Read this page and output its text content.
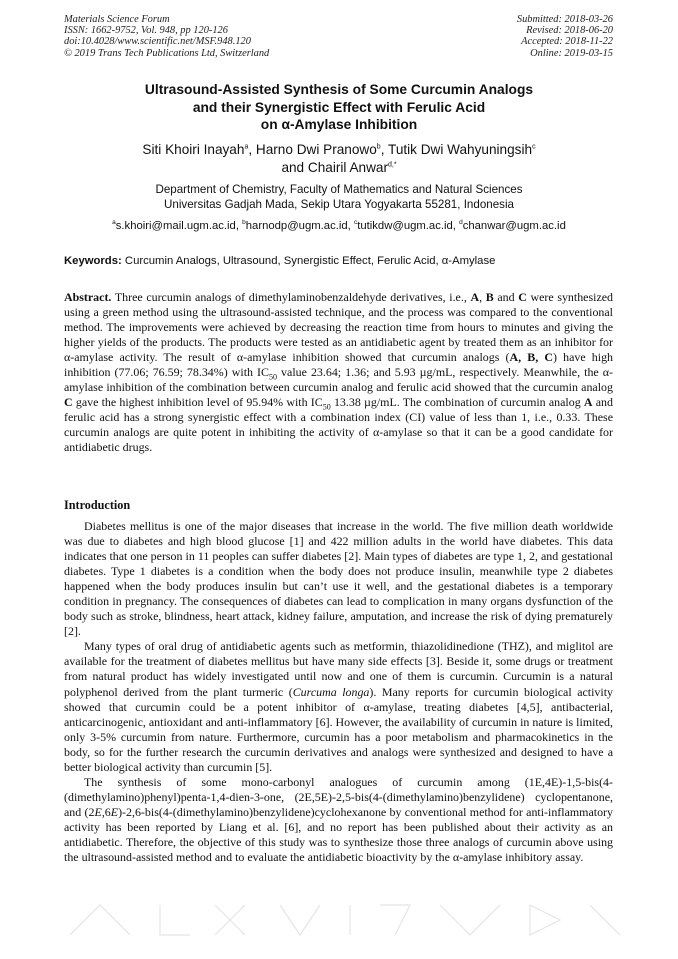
Materials Science Forum
ISSN: 1662-9752, Vol. 948, pp 120-126
doi:10.4028/www.scientific.net/MSF.948.120
© 2019 Trans Tech Publications Ltd, Switzerland
Submitted: 2018-03-26
Revised: 2018-06-20
Accepted: 2018-11-22
Online: 2019-03-15
Ultrasound-Assisted Synthesis of Some Curcumin Analogs
and their Synergistic Effect with Ferulic Acid
on α-Amylase Inhibition
Siti Khoiri Inayah$^a$, Harno Dwi Pranowo$^b$, Tutik Dwi Wahyuningsih$^c$
and Chairil Anwar$^{d,*}$
Department of Chemistry, Faculty of Mathematics and Natural Sciences
Universitas Gadjah Mada, Sekip Utara Yogyakarta 55281, Indonesia
$^a$s.khoiri@mail.ugm.ac.id, $^b$harnodp@ugm.ac.id, $^c$tutikdw@ugm.ac.id, $^d$chanwar@ugm.ac.id
Keywords: Curcumin Analogs, Ultrasound, Synergistic Effect, Ferulic Acid, α-Amylase
Abstract. Three curcumin analogs of dimethylaminobenzaldehyde derivatives, i.e., A, B and C were synthesized using a green method using the ultrasound-assisted technique, and the process was compared to the conventional method. The improvements were achieved by decreasing the reaction time from hours to minutes and giving the higher yields of the products. The products were tested as an antidiabetic agent by treated them as an inhibitor for α-amylase activity. The result of α-amylase inhibition showed that curcumin analogs (A, B, C) have high inhibition (77.06; 76.59; 78.34%) with $IC_{50}$ value 23.64; 1.36; and 5.93 µg/mL, respectively. Meanwhile, the α-amylase inhibition of the combination between curcumin analog and ferulic acid showed that the curcumin analog C gave the highest inhibition level of 95.94% with $IC_{50}$ 13.38 µg/mL. The combination of curcumin analog A and ferulic acid has a strong synergistic effect with a combination index (CI) value of less than 1, i.e., 0.33. These curcumin analogs are quite potent in inhibiting the activity of α-amylase so that it can be a good candidate for antidiabetic drugs.
Introduction

Diabetes mellitus is one of the major diseases that increase in the world. The five million death worldwide was due to diabetes and high blood glucose [1] and 422 million adults in the world have diabetes. This data indicates that one person in 11 peoples can suffer diabetes [2]. Main types of diabetes are type 1, 2, and gestational diabetes. Type 1 diabetes is a condition when the body does not produce insulin, meanwhile type 2 diabetes happened when the body produces insulin but can’t use it well, and the gestational diabetes is a temporary condition in pregnancy. The consequences of diabetes can lead to complication in many organs dysfunction of the body such as stroke, blindness, heart attack, kidney failure, amputation, and increase the risk of dying prematurely [2].

Many types of oral drug of antidiabetic agents such as metformin, thiazolidinedione (THZ), and miglitol are available for the treatment of diabetes mellitus but have many side effects [3]. Beside it, some drugs or treatment from natural product has widely investigated until now and one of them is curcumin. Curcumin is a natural polyphenol derived from the plant turmeric (Curcuma longa). Many reports for curcumin biological activity showed that curcumin could be a potent inhibitor of α-amylase, treating diabetes [4,5], antibacterial, anticarcinogenic, antioxidant and anti-inflammatory [6]. However, the availability of curcumin in nature is limited, only 3-5% curcumin from nature. Furthermore, curcumin has a poor metabolism and pharmacokinetics in the body, so for the further research the curcumin derivatives and analogs were synthesized and designed to have a better biological activity than curcumin [5].

The synthesis of some mono-carbonyl analogues of curcumin among (1E,4E)-1,5-bis(4-(dimethylamino)phenyl)penta-1,4-dien-3-one, (2E,5E)-2,5-bis(4-(dimethylamino)benzylidene) cyclopentanone, and (2E,6E)-2,6-bis(4-(dimethylamino)benzylidene)cyclohexanone by conventional method for anti-inflammatory activity has been reported by Liang et al. [6], and no report has been published about their activity as an antidiabetic. Therefore, the objective of this study was to synthesize those three analogs of curcumin above using the ultrasound-assisted method and to evaluate the antidiabetic bioactivity by the α-amylase inhibitory assay.
